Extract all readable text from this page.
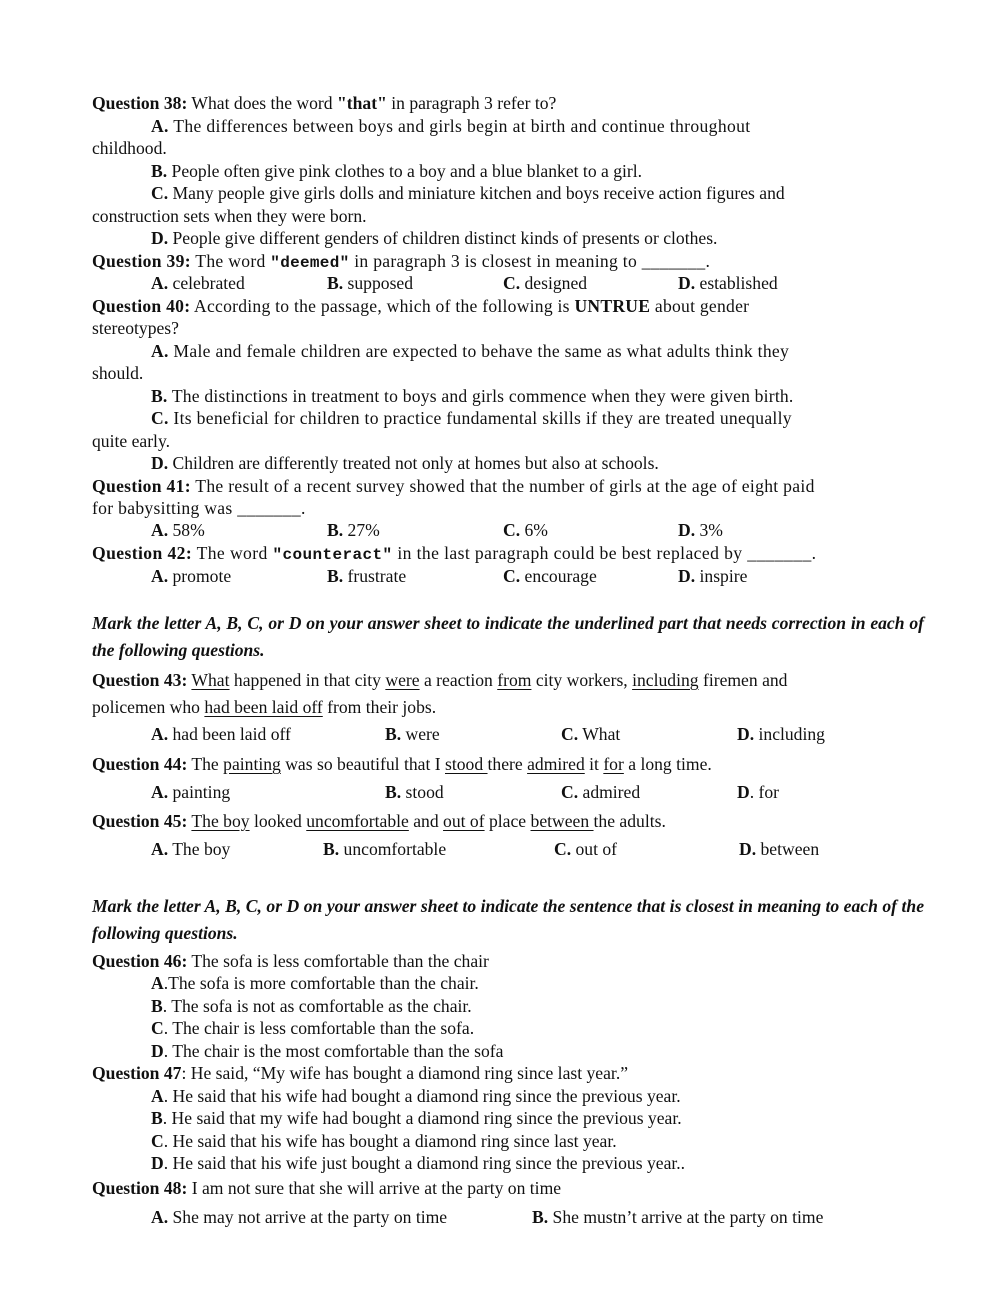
Question 38: What does the word "that" in paragraph 3 refer to?
A. The differences between boys and girls begin at birth and continue throughout
childhood.
B. People often give pink clothes to a boy and a blue blanket to a girl.
C. Many people give girls dolls and miniature kitchen and boys receive action figures and
construction sets when they were born.
D. People give different genders of children distinct kinds of presents or clothes.
Question 39: The word "deemed" in paragraph 3 is closest in meaning to _______.
A. celebrated	B. supposed	C. designed	D. established
Question 40: According to the passage, which of the following is UNTRUE about gender
stereotypes?
A. Male and female children are expected to behave the same as what adults think they
should.
B. The distinctions in treatment to boys and girls commence when they were given birth.
C. Its beneficial for children to practice fundamental skills if they are treated unequally
quite early.
D. Children are differently treated not only at homes but also at schools.
Question 41: The result of a recent survey showed that the number of girls at the age of eight paid
for babysitting was _______.
A. 58%	B. 27%	C. 6%	D. 3%
Question 42: The word "counteract" in the last paragraph could be best replaced by _______.
A. promote	B. frustrate	C. encourage	D. inspire
Mark the letter A, B, C, or D on your answer sheet to indicate the underlined part that needs correction in each of the following questions.
Question 43: What happened in that city were a reaction from city workers, including firemen and
policemen who had been laid off from their jobs.
A. had been laid off	B. were	C. What	D. including
Question 44: The painting was so beautiful that I stood there admired it for a long time.
A. painting	B. stood	C. admired	D. for
Question 45: The boy looked uncomfortable and out of place between the adults.
A. The boy	B. uncomfortable	C. out of	D. between
Mark the letter A, B, C, or D on your answer sheet to indicate the sentence that is closest in meaning to each of the following questions.
Question 46: The sofa is less comfortable than the chair
A.The sofa is more comfortable than the chair.
B. The sofa is not as comfortable as the chair.
C. The chair is less comfortable than the sofa.
D. The chair is the most comfortable than the sofa
Question 47: He said, “My wife has bought a diamond ring since last year.”
A. He said that his wife had bought a diamond ring since the previous year.
B. He said that my wife had bought a diamond ring since the previous year.
C. He said that his wife has bought a diamond ring since last year.
D. He said that his wife just bought a diamond ring since the previous year..
Question 48: I am not sure that she will arrive at the party on time
A. She may not arrive at the party on time	B. She mustn’t arrive at the party on time
